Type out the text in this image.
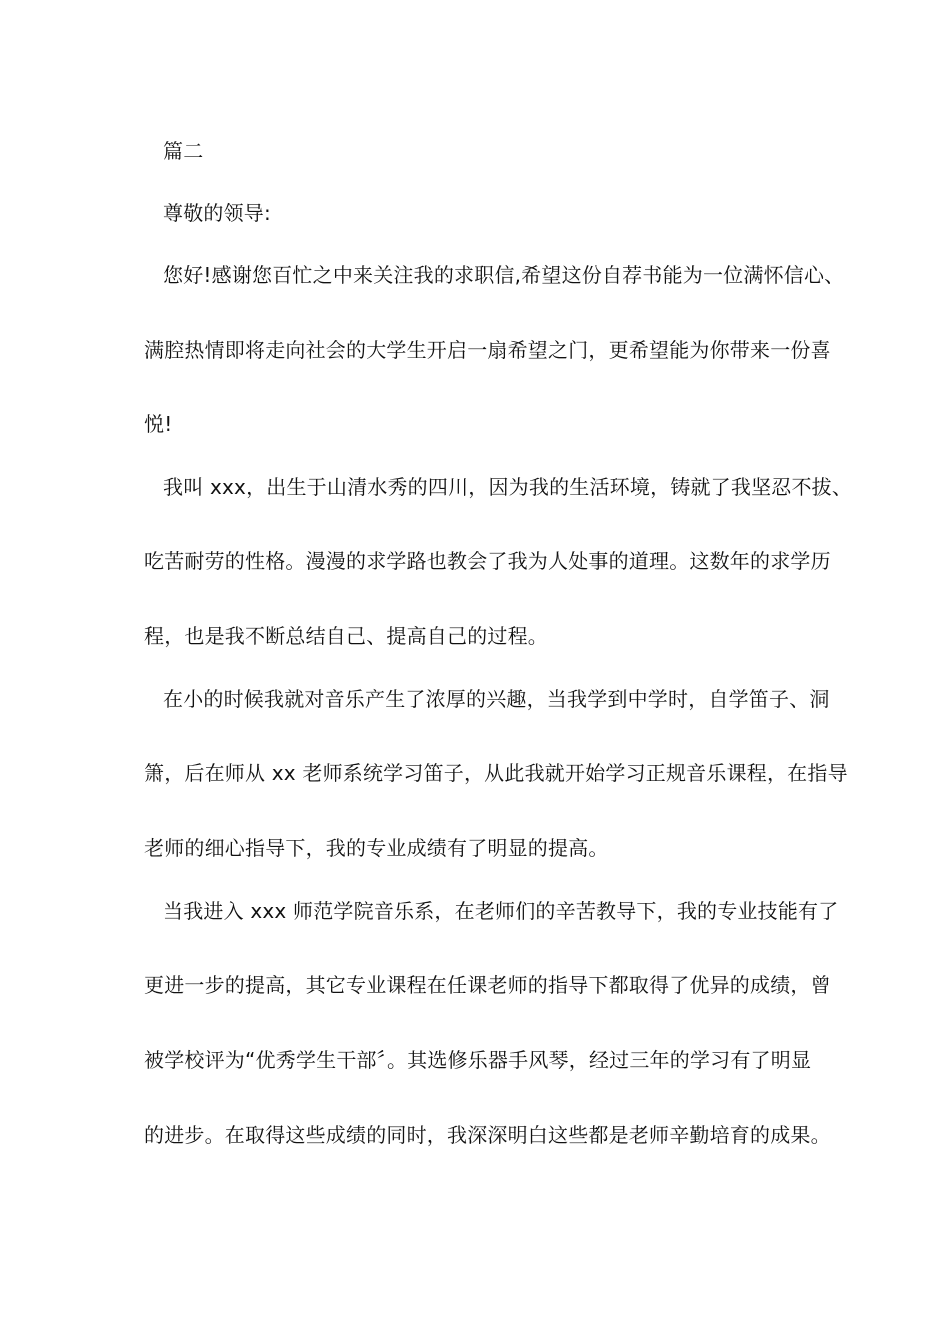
篇二

尊敬的领导:

您好!感谢您百忙之中来关注我的求职信,希望这份自荐书能为一位满怀信心、

满腔热情即将走向社会的大学生开启一扇希望之门，更希望能为你带来一份喜

悦!

我叫 xxx，出生于山清水秀的四川，因为我的生活环境，铸就了我坚忍不拔、

吃苦耐劳的性格。漫漫的求学路也教会了我为人处事的道理。这数年的求学历

程，也是我不断总结自己、提高自己的过程。

在小的时候我就对音乐产生了浓厚的兴趣，当我学到中学时，自学笛子、洞

箫，后在师从 xx 老师系统学习笛子，从此我就开始学习正规音乐课程，在指导

老师的细心指导下，我的专业成绩有了明显的提高。

当我进入 xxx 师范学院音乐系，在老师们的辛苦教导下，我的专业技能有了

更进一步的提高，其它专业课程在任课老师的指导下都取得了优异的成绩，曾

被学校评为“优秀学生干部〞。其选修乐器手风琴，经过三年的学习有了明显

的进步。在取得这些成绩的同时，我深深明白这些都是老师辛勤培育的成果。
